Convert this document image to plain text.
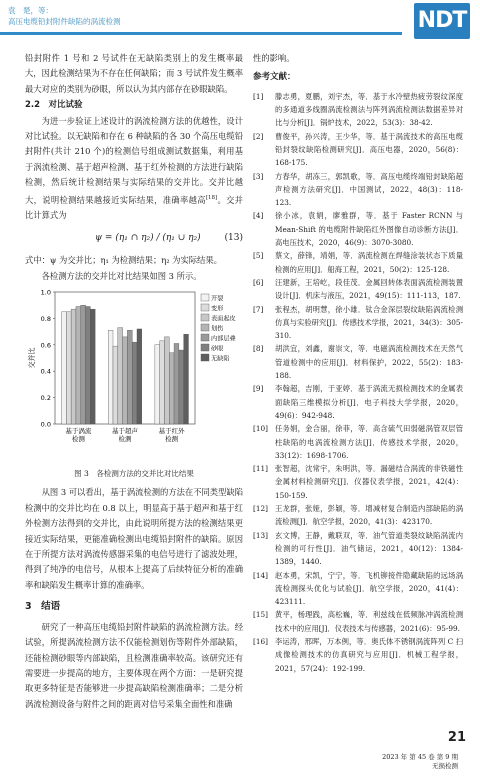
袁　楚，等：
高压电缆铅封附件缺陷的涡流检测	NDT

铅封附件 1 号和 2 号试件在无缺陷类别上的发生概率最大，因此检测结果为不存在任何缺陷；而 3 号试件发生概率最大对应的类别为砂眼，所以认为其内部存在砂眼缺陷。

2.2　对比试验

为进一步验证上述设计的涡流检测方法的优越性，设计对比试验。以无缺陷和存在 6 种缺陷的各 30 个高压电缆铅封附件(共计 210 个)的检测信号组成测试数据集，利用基于涡流检测、基于超声检测、基于红外检测的方法进行缺陷检测，然后统计检测结果与实际结果的交并比。交并比越大，说明检测结果越接近实际结果，准确率越高[18]。交并比计算式为

ψ = (η₁ ∩ η₂) / (η₁ ∪ η₂)	(13)

式中：ψ 为交并比；η₁ 为检测结果；η₂ 为实际结果。

各检测方法的交并比对比结果如图 3 所示。

0.0
0.2
0.4
0.6
0.8
1.0
交并比
基于涡流
检测
基于超声
检测
基于红外
检测
开裂
变形
表面起皮
划伤
内部层叠
砂眼
无缺陷
图 3　各检测方法的交并比对比结果

从图 3 可以看出，基于涡流检测的方法在不同类型缺陷检测中的交并比均在 0.8 以上，明显高于基于超声和基于红外检测方法得到的交并比，由此说明所提方法的检测结果更接近实际结果，更能准确检测出电缆铅封附件的缺陷。原因在于所提方法对涡流传感器采集的电信号进行了滤波处理，得到了纯净的电信号，从根本上提高了后续特征分析的准确率和缺陷发生概率计算的准确率。

3　结语

研究了一种高压电缆铅封附件缺陷的涡流检测方法。经试验，所提涡流检测方法不仅能检测划伤等附件外部缺陷，还能检测砂眼等内部缺陷，且检测准确率较高。该研究还有需要进一步提高的地方，主要体现在两个方面：一是研究提取更多特征是否能够进一步提高缺陷检测准确率；二是分析涡流检测设备与附件之间的距离对信号采集全面性和准确

性的影响。

参考文献：
[1]	滕志勇，夏鹏，刘宇杰，等．基于水冷壁热疲劳裂纹深度的多通道多线圈涡流检测法与阵列涡流检测法数据差异对比与分析[J]．锅炉技术，2022，53(3)：38-42.
[2]	曹俊平，孙兴涛，王少华，等．基于涡流技术的高压电缆铅封裂纹缺陷检测研究[J]．高压电器，2020，56(8)：168-175.
[3]	方春华，胡冻三，郭凯歌，等．高压电缆终端铅封缺陷超声检测方法研究[J]．中国测试，2022，48(3)：118-123.
[4]	徐小冰，袁娟，廖雅群，等．基于 Faster RCNN 与 Mean-Shift 的电缆附件缺陷红外图像自动诊断方法[J]．高电压技术，2020，46(9)：3070-3080.
[5]	蔡文，薛锋，靖娟，等．涡流检测在焊缝涂装状态下质量检测的应用[J]．船海工程，2021，50(2)：125-128.
[6]	汪建新，王培屹，段佳茂．金属回转体表面涡流检测装置设计[J]．机床与液压，2021，49(15)：111-113，187.
[7]	张程杰，胡明慧，徐小雄．钛合金深层裂纹缺陷涡流检测仿真与实验研究[J]．传感技术学报，2021，34(3)：305-310.
[8]	胡洪宜，刘鑫，谢崇文，等．电磁涡流检测技术在天然气管道检测中的应用[J]．材料保护，2022，55(2)：183-188.
[9]	李翰超，吉刚，于亚婷．基于涡流无损检测技术的金属表面缺陷三维模拟分析[J]．电子科技大学学报，2020，49(6)：942-948.
[10] 任务娟，金合丽，徐菲，等．高含硫气田弱磁涡管双层管柱缺陷的电涡流检测方法[J]．传感技术学报，2020，33(12)：1698-1706.
[11] 张智超，沈常宇，朱明洪，等．漏磁结合涡流的非铁磁性金属材料检测研究[J]．仪器仪表学报，2021，42(4)：150-159.
[12] 王龙群，张娅，彭颖，等．增减材复合制造内部缺陷的涡流检测[J]．航空学报，2020，41(3)：423170.
[13] 玄文博，王静，戴联双，等．油气管道类裂纹缺陷涡流内检测的可行性[J]．油气储运，2021，40(12)：1384-1389，1440.
[14] 赵本勇，宋凯，宁宁，等．飞机铆接件隐藏缺陷的远场涡流检测探头优化与试验[J]．航空学报，2020，41(4)：423111.
[15] 黄平，杨理践，高松巍，等．利兹线在低频脉冲涡流检测技术中的应用[J]．仪表技术与传感器，2021(6)：95-99.
[16] 李运涛，邢晖，万本例，等．奥氏体不锈钢涡流阵列 C 扫成像检测技术的仿真研究与应用[J]．机械工程学报，2021，57(24)：192-199.
21
2023 年 第 45 卷 第 9 期
无损检测
